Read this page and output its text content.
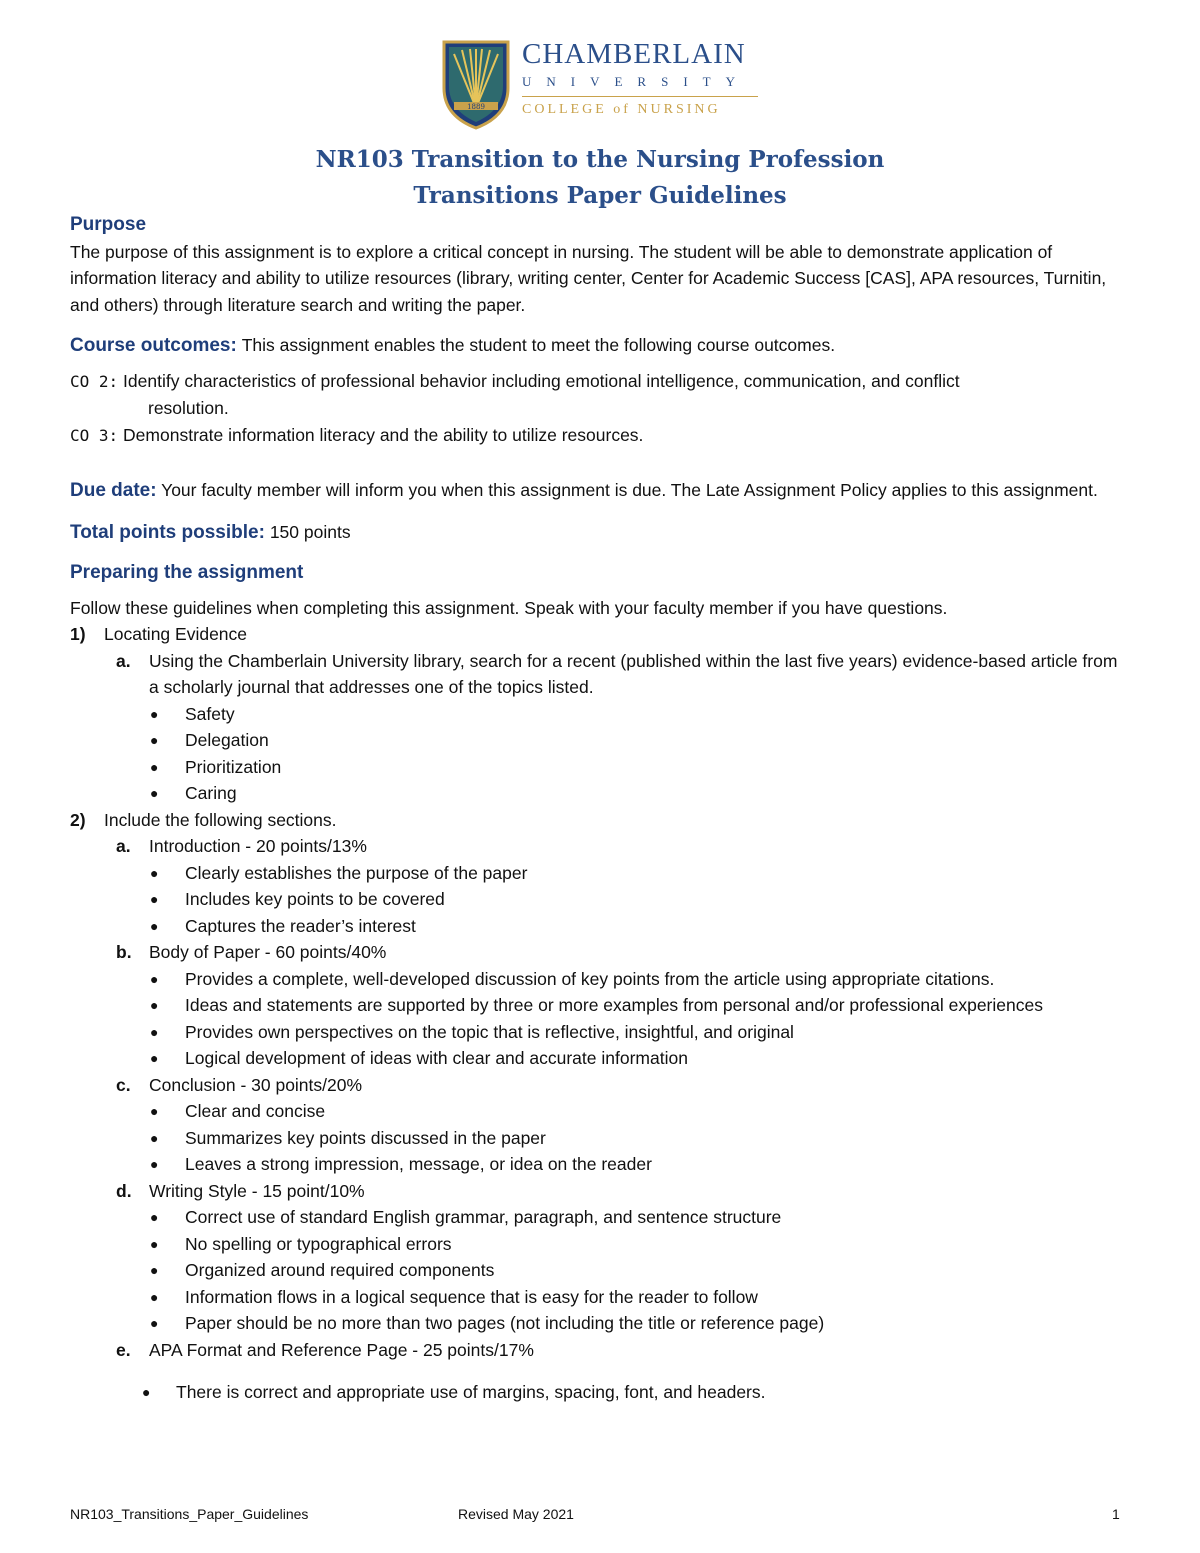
1889
CHAMBERLAIN
UNIVERSITY
COLLEGE of NURSING
NR103 Transition to the Nursing Profession
Transitions Paper Guidelines
Purpose

The purpose of this assignment is to explore a critical concept in nursing. The student will be able to demonstrate application of information literacy and ability to utilize resources (library, writing center, Center for Academic Success [CAS], APA resources, Turnitin, and others) through literature search and writing the paper.

Course outcomes: This assignment enables the student to meet the following course outcomes.
CO 2: Identify characteristics of professional behavior including emotional intelligence, communication, and conflict
resolution.
CO 3: Demonstrate information literacy and the ability to utilize resources.
Due date: Your faculty member will inform you when this assignment is due. The Late Assignment Policy applies to this assignment.
Total points possible: 150 points
Preparing the assignment

Follow these guidelines when completing this assignment. Speak with your faculty member if you have questions.

1) Locating Evidence
a. Using the Chamberlain University library, search for a recent (published within the last five years) evidence-based article from a scholarly journal that addresses one of the topics listed.
● Safety
● Delegation
● Prioritization
● Caring
2) Include the following sections.
a. Introduction - 20 points/13%
● Clearly establishes the purpose of the paper
● Includes key points to be covered
● Captures the reader’s interest
b. Body of Paper - 60 points/40%
● Provides a complete, well-developed discussion of key points from the article using appropriate citations.
● Ideas and statements are supported by three or more examples from personal and/or professional experiences
● Provides own perspectives on the topic that is reflective, insightful, and original
● Logical development of ideas with clear and accurate information
c. Conclusion - 30 points/20%
● Clear and concise
● Summarizes key points discussed in the paper
● Leaves a strong impression, message, or idea on the reader
d. Writing Style - 15 point/10%
● Correct use of standard English grammar, paragraph, and sentence structure
● No spelling or typographical errors
● Organized around required components
● Information flows in a logical sequence that is easy for the reader to follow
● Paper should be no more than two pages (not including the title or reference page)
e. APA Format and Reference Page - 25 points/17%
● There is correct and appropriate use of margins, spacing, font, and headers.
NR103_Transitions_Paper_Guidelines	Revised May 2021	1
